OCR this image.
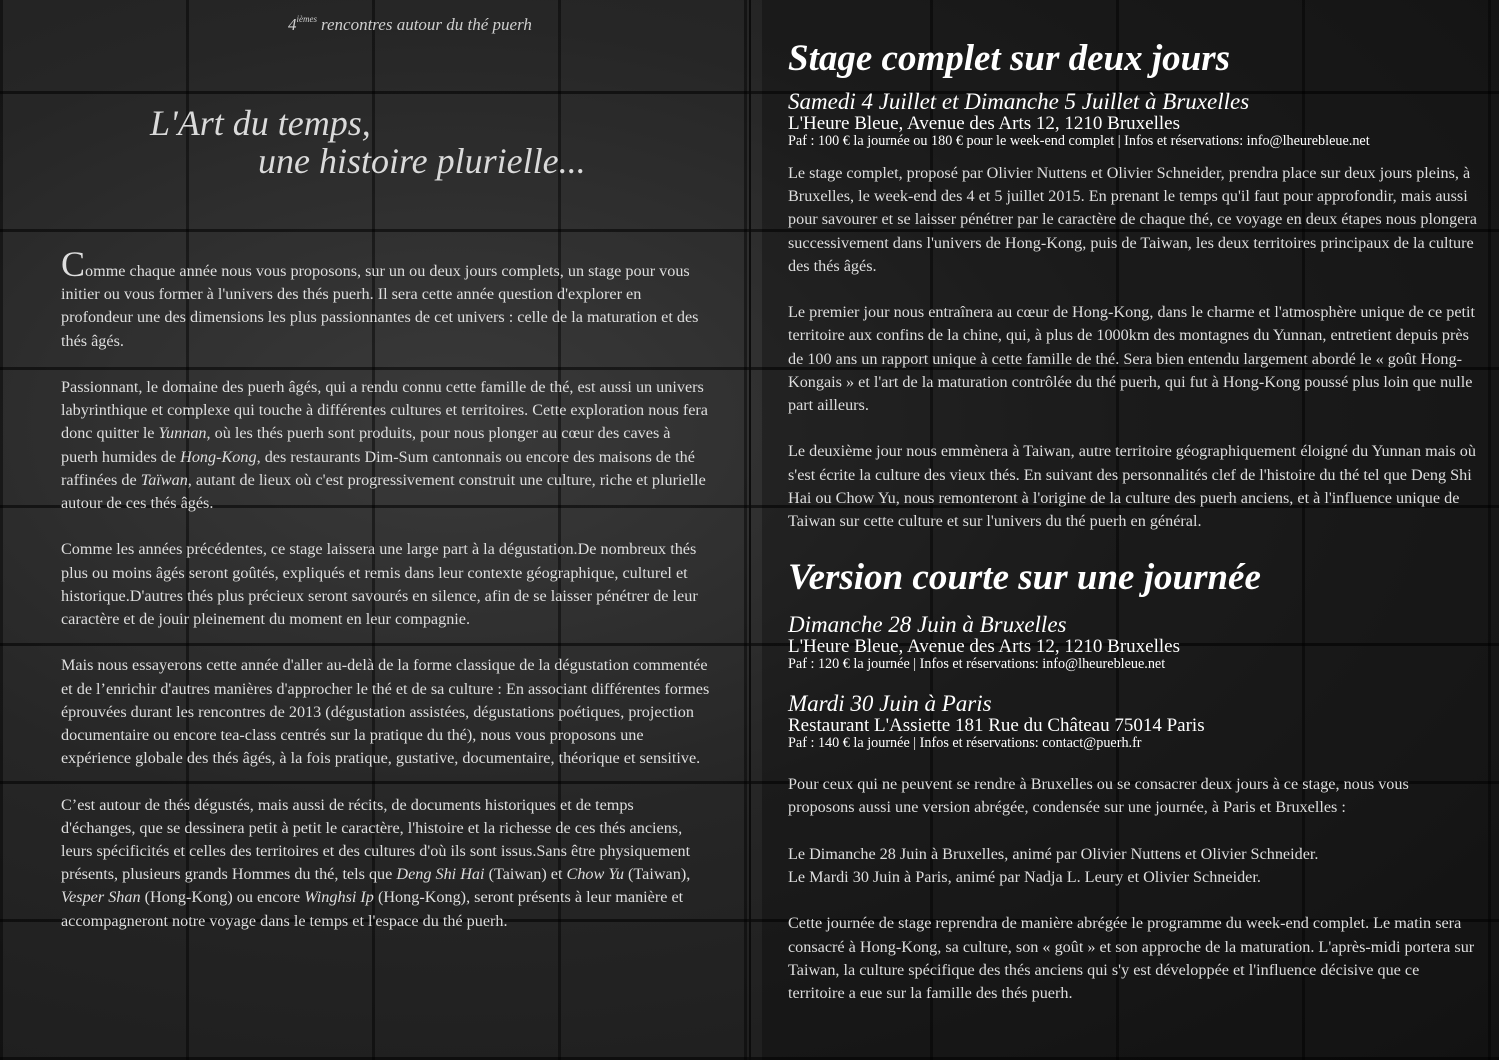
$4^{ièmes}$ rencontres autour du thé puerh
L'Art du temps,
une histoire plurielle...

Comme chaque année nous vous proposons, sur un ou deux jours complets, un stage pour vous initier ou vous former à l'univers des thés puerh. Il sera cette année question d'explorer en profondeur une des dimensions les plus passionnantes de cet univers : celle de la maturation et des thés âgés.

Passionnant, le domaine des puerh âgés, qui a rendu connu cette famille de thé, est aussi un univers labyrinthique et complexe qui touche à différentes cultures et territoires. Cette exploration nous fera donc quitter le Yunnan, où les thés puerh sont produits, pour nous plonger au cœur des caves à puerh humides de Hong-Kong, des restaurants Dim-Sum cantonnais ou encore des maisons de thé raffinées de Taïwan, autant de lieux où c'est progressivement construit une culture, riche et plurielle autour de ces thés âgés.

Comme les années précédentes, ce stage laissera une large part à la dégustation.De nombreux thés plus ou moins âgés seront goûtés, expliqués et remis dans leur contexte géographique, culturel et historique.D'autres thés plus précieux seront savourés en silence, afin de se laisser pénétrer de leur caractère et de jouir pleinement du moment en leur compagnie.

Mais nous essayerons cette année d'aller au-delà de la forme classique de la dégustation commentée et de l’enrichir d'autres manières d'approcher le thé et de sa culture : En associant différentes formes éprouvées durant les rencontres de 2013 (dégustation assistées, dégustations poétiques, projection documentaire ou encore tea-class centrés sur la pratique du thé), nous vous proposons une expérience globale des thés âgés, à la fois pratique, gustative, documentaire, théorique et sensitive.

C’est autour de thés dégustés, mais aussi de récits, de documents historiques et de temps d'échanges, que se dessinera petit à petit le caractère, l'histoire et la richesse de ces thés anciens, leurs spécificités et celles des territoires et des cultures d'où ils sont issus.Sans être physiquement présents, plusieurs grands Hommes du thé, tels que Deng Shi Hai (Taiwan) et Chow Yu (Taiwan), Vesper Shan (Hong-Kong) ou encore Winghsi Ip (Hong-Kong), seront présents à leur manière et accompagneront notre voyage dans le temps et l'espace du thé puerh.

Stage complet sur deux jours
Samedi 4 Juillet et Dimanche 5 Juillet à Bruxelles
L'Heure Bleue, Avenue des Arts 12, 1210 Bruxelles
Paf : 100 € la journée ou 180 € pour le week-end complet | Infos et réservations: info@lheurebleue.net

Le stage complet, proposé par Olivier Nuttens et Olivier Schneider, prendra place sur deux jours pleins, à Bruxelles, le week-end des 4 et 5 juillet 2015. En prenant le temps qu'il faut pour approfondir, mais aussi pour savourer et se laisser pénétrer par le caractère de chaque thé, ce voyage en deux étapes nous plongera successivement dans l'univers de Hong-Kong, puis de Taiwan, les deux territoires principaux de la culture des thés âgés.

Le premier jour nous entraînera au cœur de Hong-Kong, dans le charme et l'atmosphère unique de ce petit territoire aux confins de la chine, qui, à plus de 1000km des montagnes du Yunnan, entretient depuis près de 100 ans un rapport unique à cette famille de thé. Sera bien entendu largement abordé le « goût Hong-Kongais » et l'art de la maturation contrôlée du thé puerh, qui fut à Hong-Kong poussé plus loin que nulle part ailleurs.

Le deuxième jour nous emmènera à Taiwan, autre territoire géographiquement éloigné du Yunnan mais où s'est écrite la culture des vieux thés. En suivant des personnalités clef de l'histoire du thé tel que Deng Shi Hai ou Chow Yu, nous remonteront à l'origine de la culture des puerh anciens, et à l'influence unique de Taiwan sur cette culture et sur l'univers du thé puerh en général.

Version courte sur une journée
Dimanche 28 Juin à Bruxelles
L'Heure Bleue, Avenue des Arts 12, 1210 Bruxelles
Paf : 120 € la journée | Infos et réservations: info@lheurebleue.net
Mardi 30 Juin à Paris
Restaurant L'Assiette 181 Rue du Château 75014 Paris
Paf : 140 € la journée | Infos et réservations: contact@puerh.fr

Pour ceux qui ne peuvent se rendre à Bruxelles ou se consacrer deux jours à ce stage, nous vous proposons aussi une version abrégée, condensée sur une journée, à Paris et Bruxelles :

Le Dimanche 28 Juin à Bruxelles, animé par Olivier Nuttens et Olivier Schneider.
Le Mardi 30 Juin à Paris, animé par Nadja L. Leury et Olivier Schneider.

Cette journée de stage reprendra de manière abrégée le programme du week-end complet. Le matin sera consacré à Hong-Kong, sa culture, son « goût » et son approche de la maturation. L'après-midi portera sur Taiwan, la culture spécifique des thés anciens qui s'y est développée et l'influence décisive que ce territoire a eue sur la famille des thés puerh.
